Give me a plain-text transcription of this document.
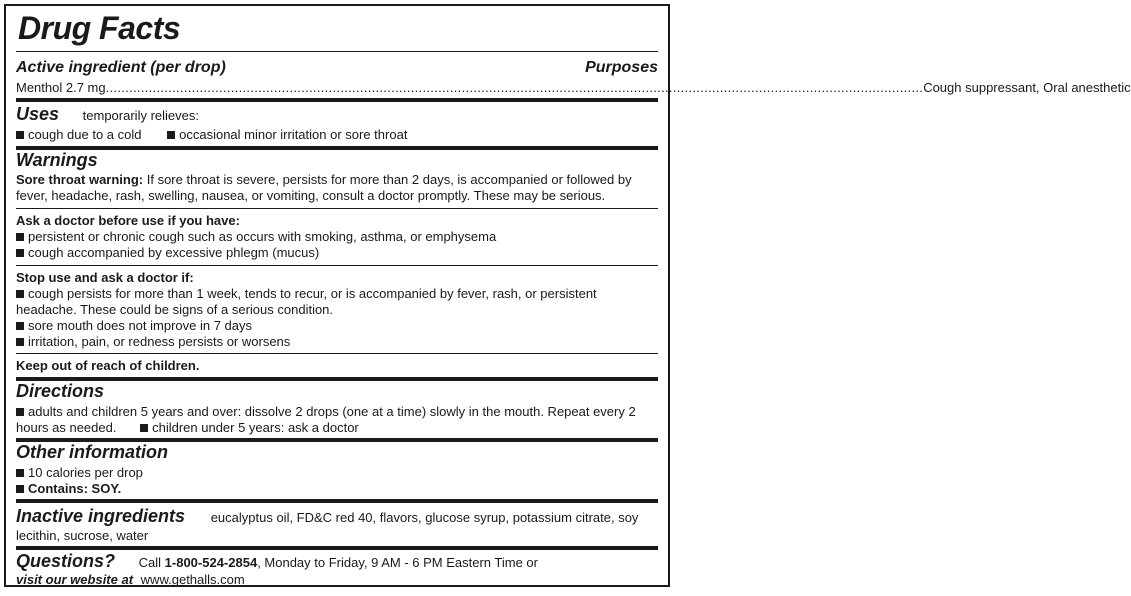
Drug Facts
Active ingredient (per drop)	Purposes
Menthol 2.7 mg ................................................................................................................................................................................................................. Cough suppressant, Oral anesthetic
Uses temporarily relieves:
cough due to a cold	occasional minor irritation or sore throat
Warnings
Sore throat warning: If sore throat is severe, persists for more than 2 days, is accompanied or followed by
fever, headache, rash, swelling, nausea, or vomiting, consult a doctor promptly. These may be serious.
Ask a doctor before use if you have:
persistent or chronic cough such as occurs with smoking, asthma, or emphysema
cough accompanied by excessive phlegm (mucus)
Stop use and ask a doctor if:
cough persists for more than 1 week, tends to recur, or is accompanied by fever, rash, or persistent
headache. These could be signs of a serious condition.
sore mouth does not improve in 7 days
irritation, pain, or redness persists or worsens
Keep out of reach of children.
Directions
adults and children 5 years and over: dissolve 2 drops (one at a time) slowly in the mouth. Repeat every 2
hours as needed.	children under 5 years: ask a doctor
Other information
10 calories per drop
Contains: SOY.
Inactive ingredients eucalyptus oil, FD&C red 40, flavors, glucose syrup, potassium citrate, soy
lecithin, sucrose, water
Questions? Call 1-800-524-2854, Monday to Friday, 9 AM - 6 PM Eastern Time or
visit our website at www.gethalls.com
